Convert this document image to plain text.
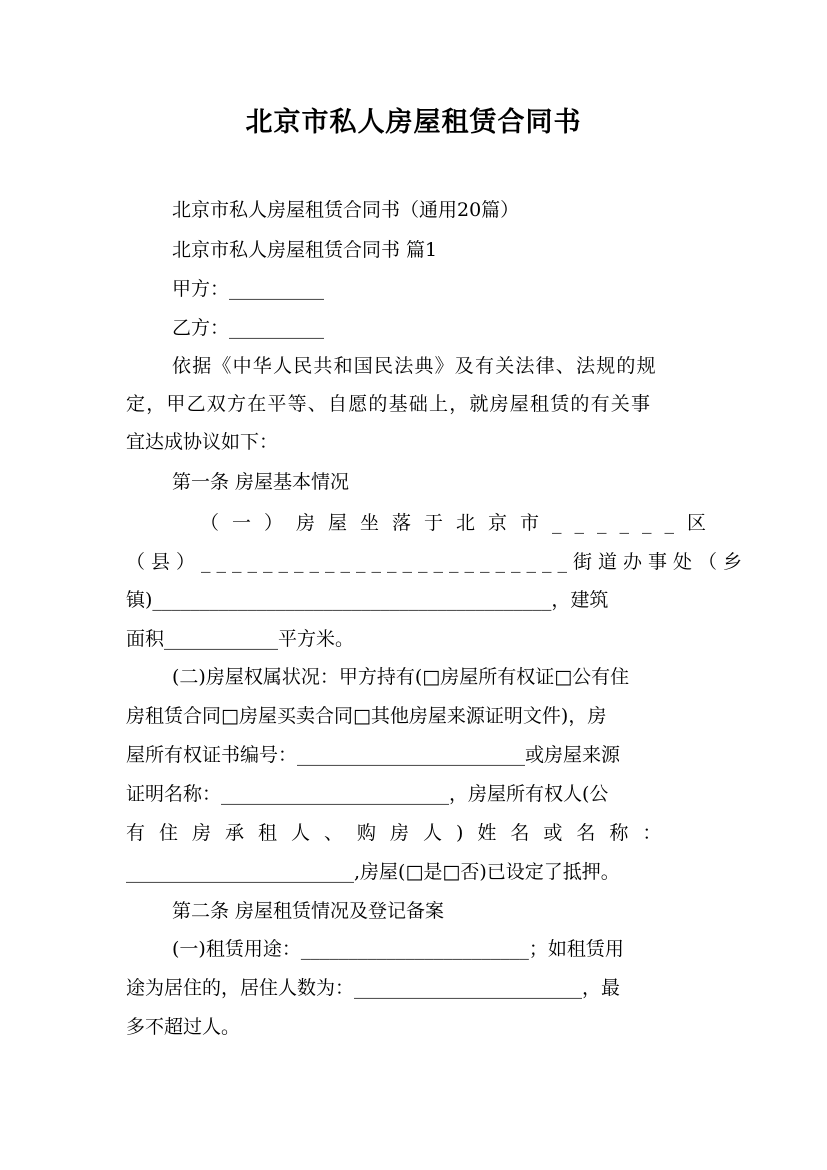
北京市私人房屋租赁合同书
北京市私人房屋租赁合同书（通用20篇）
北京市私人房屋租赁合同书 篇1
甲方：__________
乙方：__________
依据《中华人民共和国民法典》及有关法律、法规的规
定，甲乙双方在平等、自愿的基础上，就房屋租赁的有关事
宜达成协议如下：
第一条 房屋基本情况
（一）房屋坐落于北京市______区
（县）________________________街道办事处（乡
镇)__________________________________________，建筑
面积____________平方米。
(二)房屋权属状况：甲方持有(□房屋所有权证□公有住
房租赁合同□房屋买卖合同□其他房屋来源证明文件)，房
屋所有权证书编号：________________________或房屋来源
证明名称：________________________，房屋所有权人(公
有住房承租人、购房人)姓名或名称：
________________________,房屋(□是□否)已设定了抵押。
第二条 房屋租赁情况及登记备案
(一)租赁用途：________________________；如租赁用
途为居住的，居住人数为：________________________，最
多不超过人。
